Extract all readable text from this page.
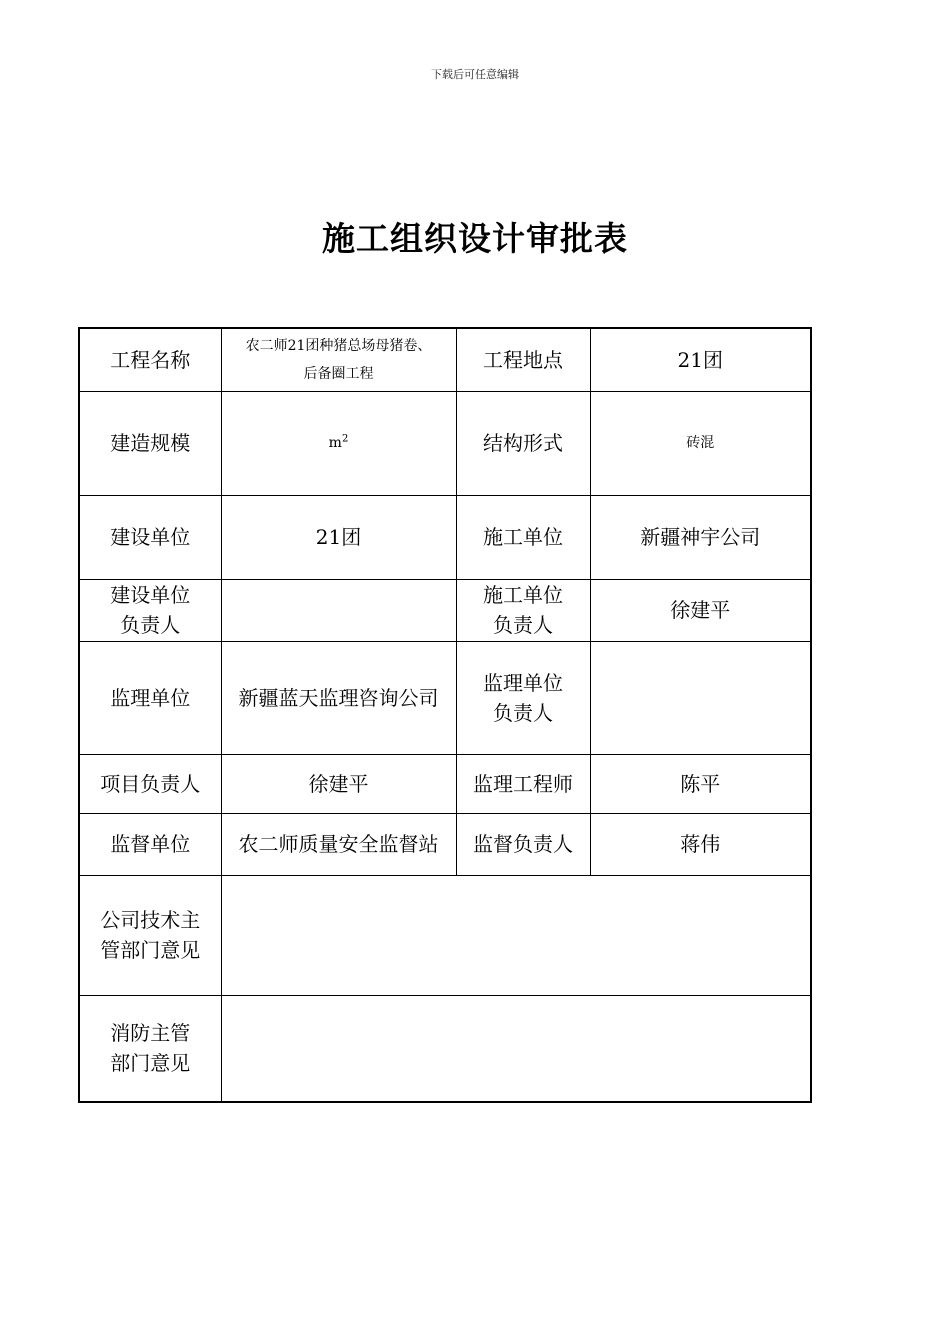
下载后可任意编辑
施工组织设计审批表
工程名称	农二师21团种猪总场母猪卷、
后备圈工程	工程地点	21团
建造规模	$m^2$	结构形式	砖混
建设单位	21团	施工单位	新疆神宇公司

建设单位
负责人		施工单位
负责人	徐建平
监理单位	新疆蓝天监理咨询公司	监理单位
负责人	

项目负责人	徐建平	监理工程师	陈平
监督单位	农二师质量安全监督站	监督负责人	蒋伟

公司技术主
管部门意见			

消防主管
部门意见			
